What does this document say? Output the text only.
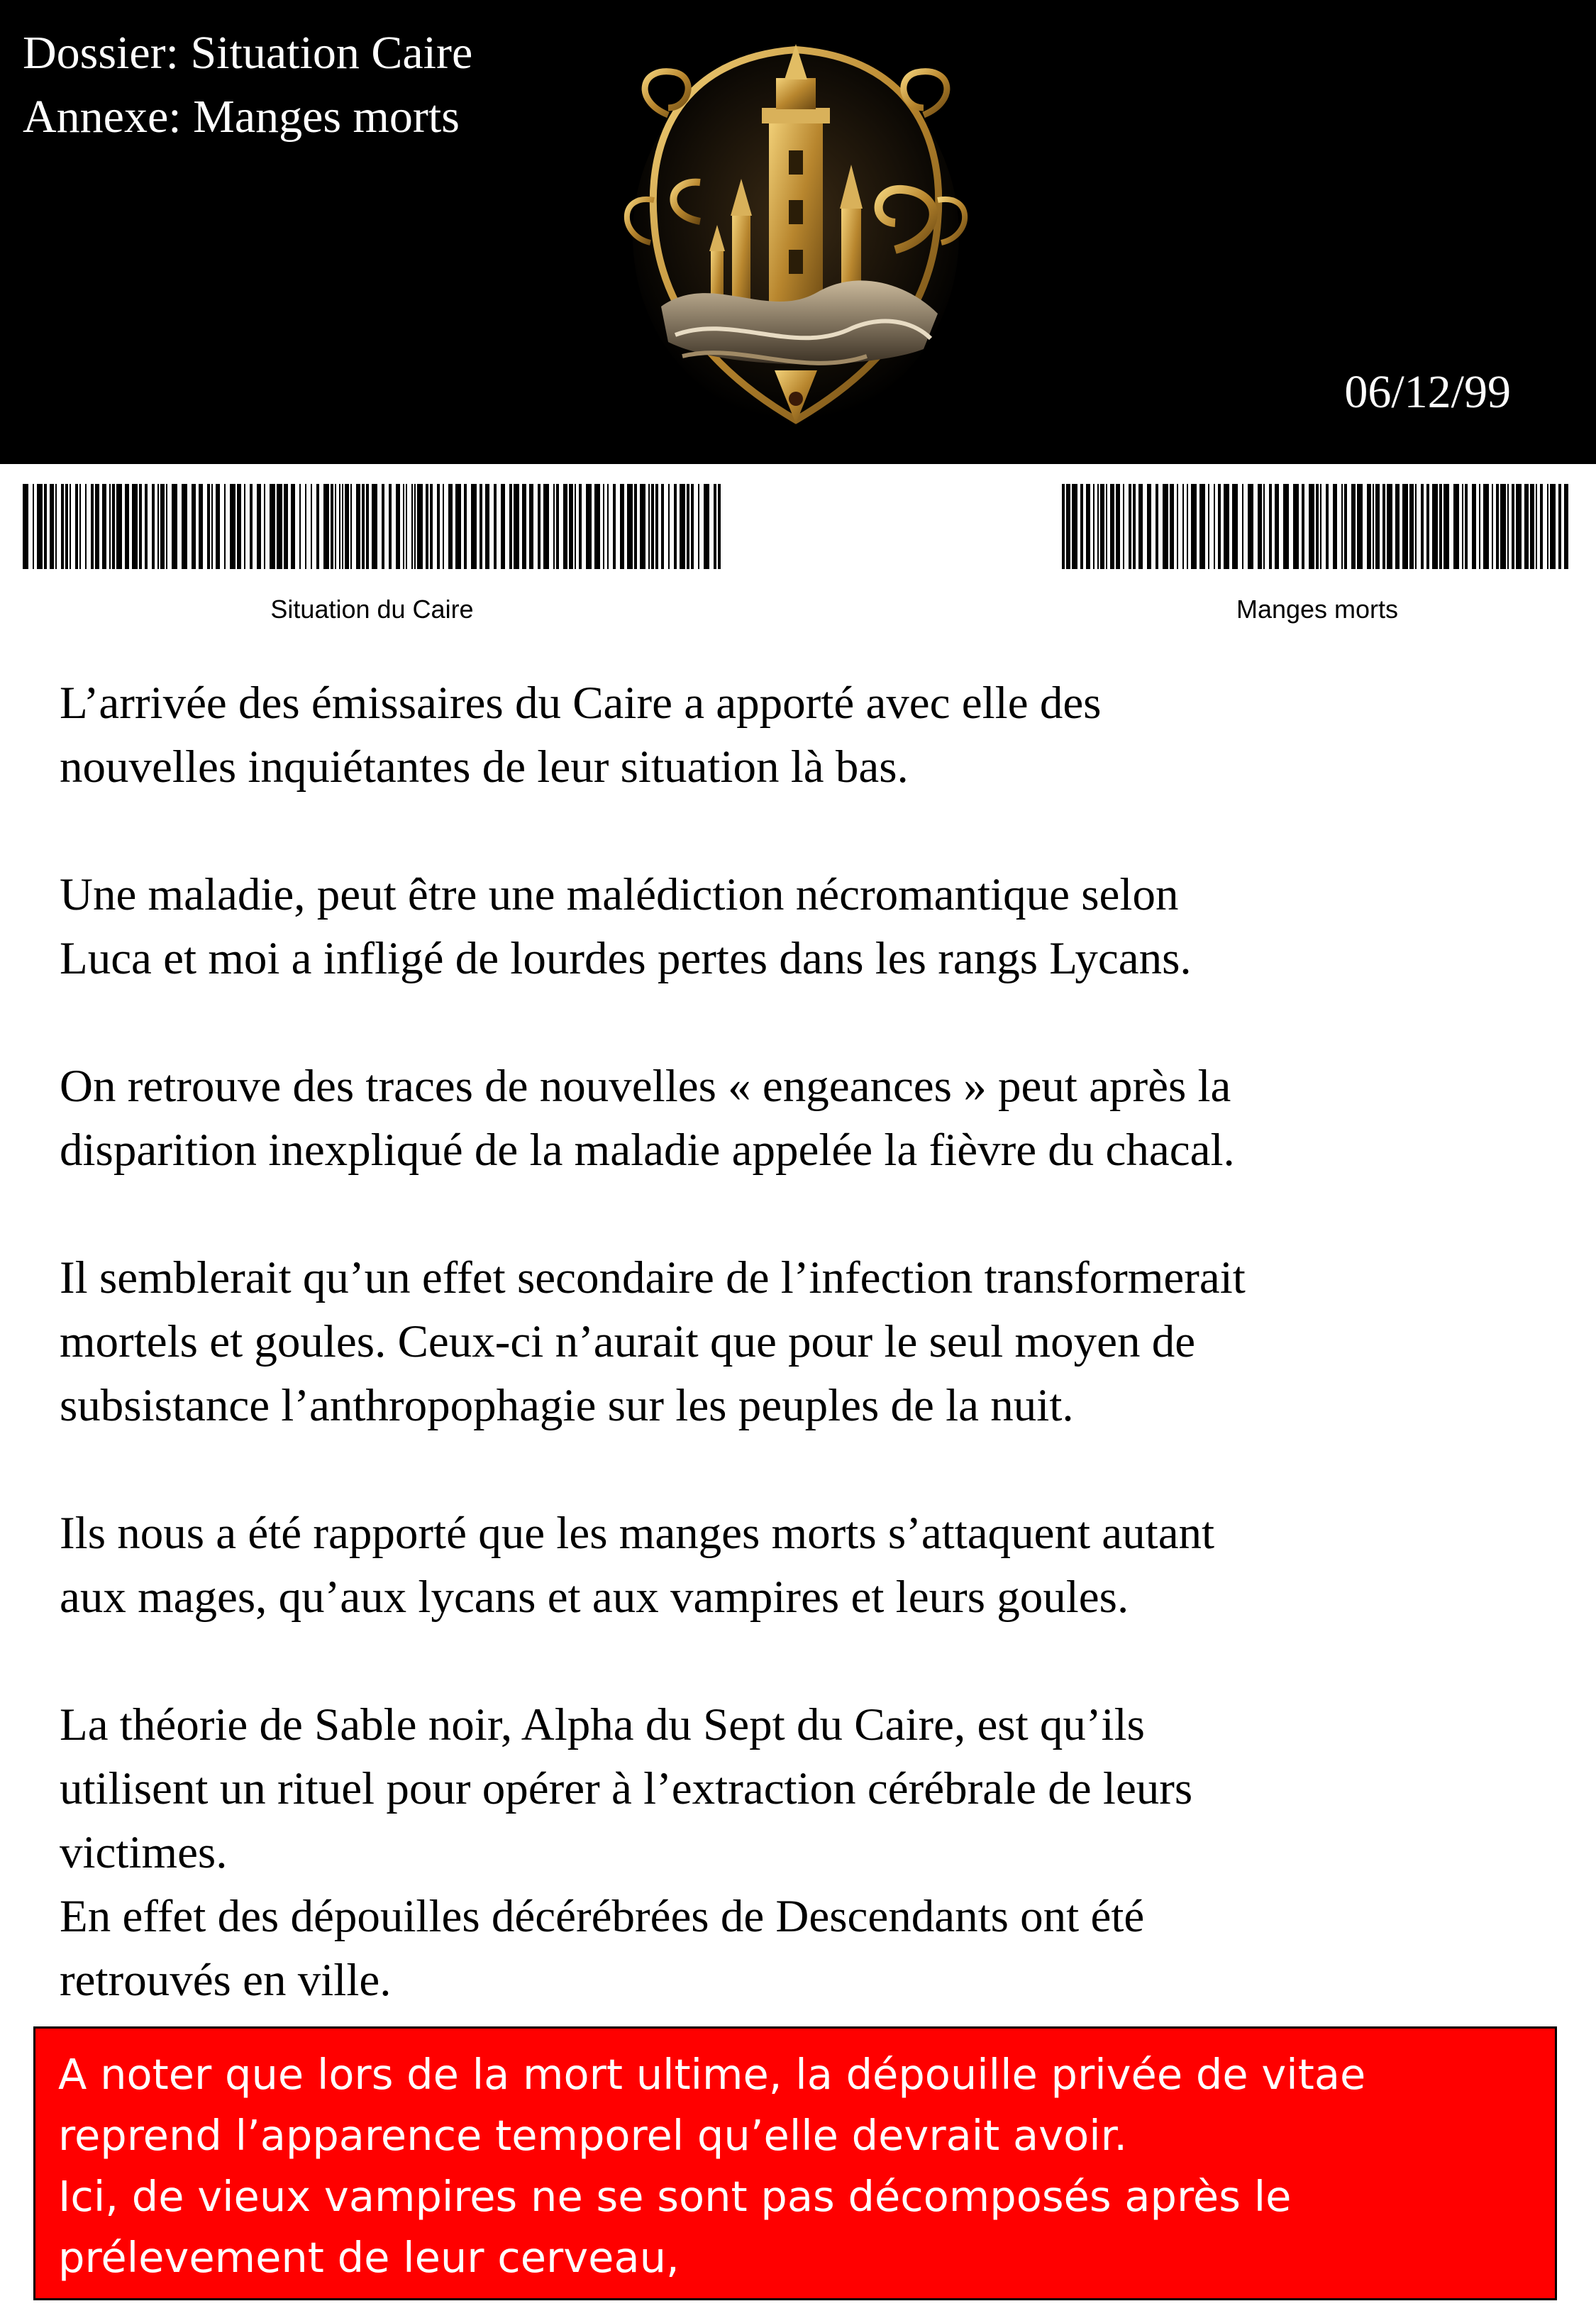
Dossier: Situation Caire
Annexe: Manges morts
06/12/99
Situation du Caire	Manges morts

L’arrivée des émissaires du Caire a apporté avec elle des
nouvelles inquiétantes de leur situation là bas.

Une maladie, peut être une malédiction nécromantique selon
Luca et moi a infligé de lourdes pertes dans les rangs Lycans.

On retrouve des traces de nouvelles « engeances » peut après la
disparition inexpliqué de la maladie appelée la fièvre du chacal.

Il semblerait qu’un effet secondaire de l’infection transformerait
mortels et goules. Ceux-ci n’aurait que pour le seul moyen de
subsistance l’anthropophagie sur les peuples de la nuit.

Ils nous a été rapporté que les manges morts s’attaquent autant
aux mages, qu’aux lycans et aux vampires et leurs goules.

La théorie de Sable noir, Alpha du Sept du Caire, est qu’ils
utilisent un rituel pour opérer à l’extraction cérébrale de leurs
victimes.

En effet des dépouilles décérébrées de Descendants ont été
retrouvés en ville.

A noter que lors de la mort ultime, la dépouille privée de vitae
reprend l’apparence temporel qu’elle devrait avoir.
Ici, de vieux vampires ne se sont pas décomposés après le
prélevement de leur cerveau,
